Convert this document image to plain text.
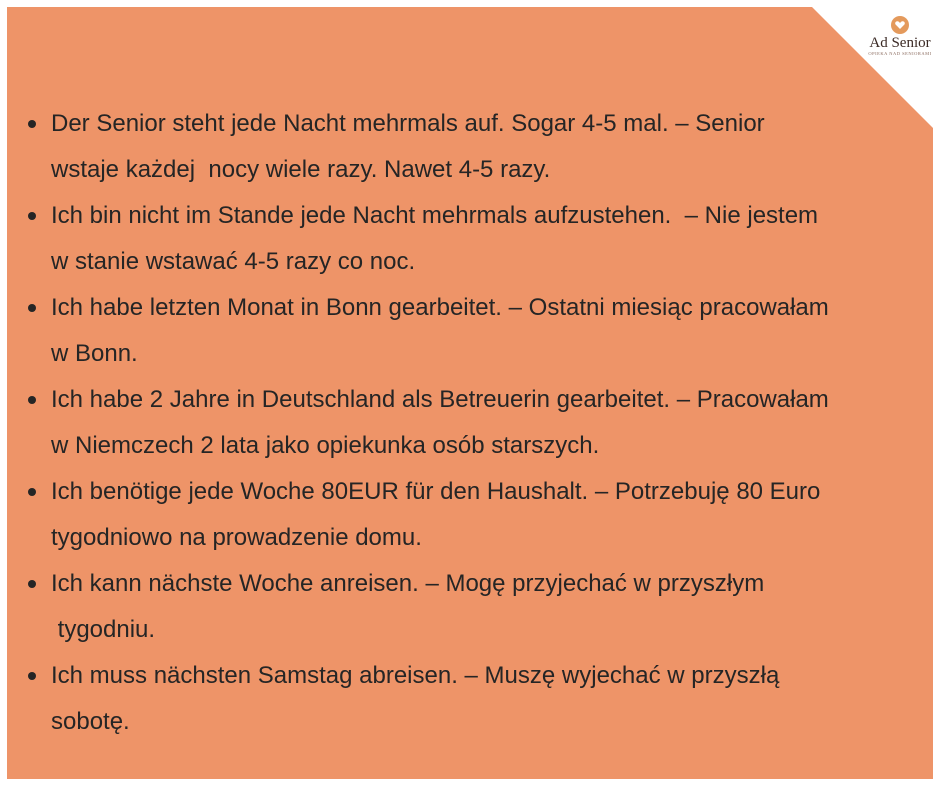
Ad Senior
OPIEKA NAD SENIORAMI
Der Senior steht jede Nacht mehrmals auf. Sogar 4-5 mal. – Senior
wstaje każdej  nocy wiele razy. Nawet 4-5 razy.
Ich bin nicht im Stande jede Nacht mehrmals aufzustehen.  – Nie jestem
w stanie wstawać 4-5 razy co noc.
Ich habe letzten Monat in Bonn gearbeitet. – Ostatni miesiąc pracowałam
w Bonn.
Ich habe 2 Jahre in Deutschland als Betreuerin gearbeitet. – Pracowałam
w Niemczech 2 lata jako opiekunka osób starszych.
Ich benötige jede Woche 80EUR für den Haushalt. – Potrzebuję 80 Euro
tygodniowo na prowadzenie domu.
Ich kann nächste Woche anreisen. – Mogę przyjechać w przyszłym
tygodniu.
Ich muss nächsten Samstag abreisen. – Muszę wyjechać w przyszłą
sobotę.
